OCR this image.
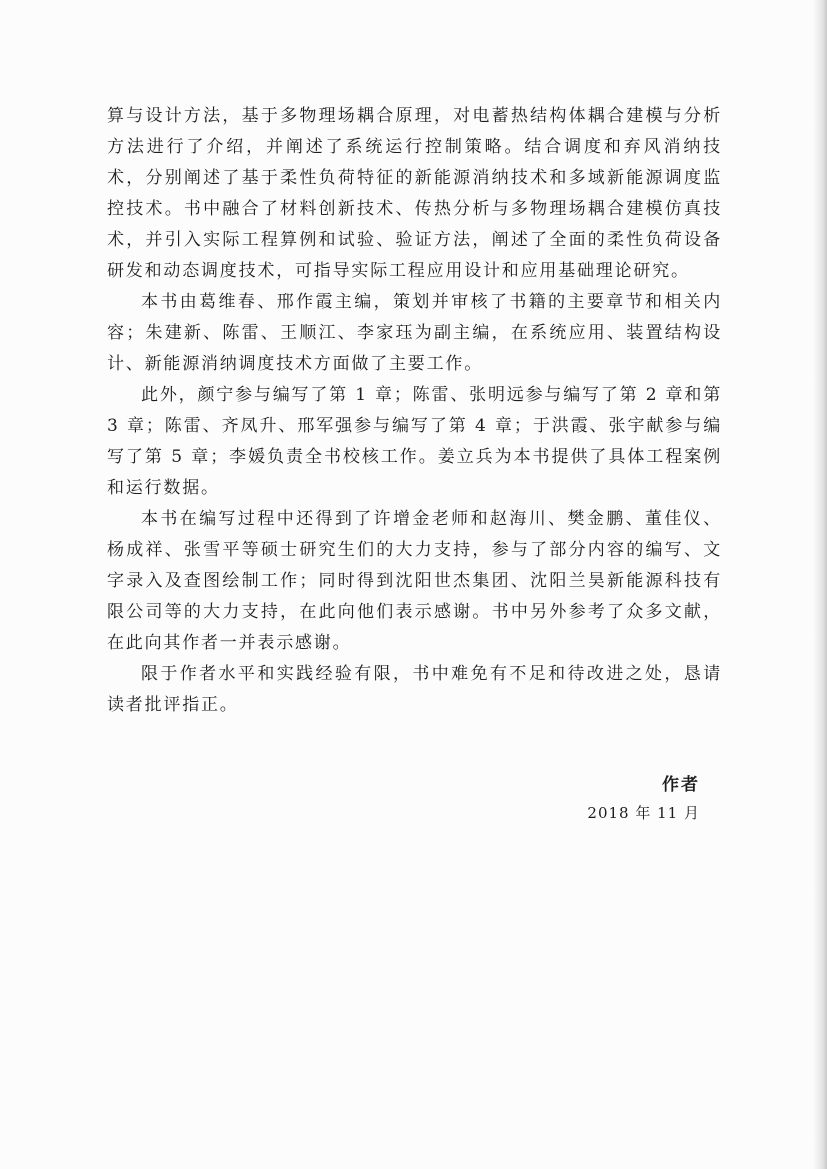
算与设计方法，基于多物理场耦合原理，对电蓄热结构体耦合建模与分析方法进行了介绍，并阐述了系统运行控制策略。结合调度和弃风消纳技术，分别阐述了基于柔性负荷特征的新能源消纳技术和多域新能源调度监控技术。书中融合了材料创新技术、传热分析与多物理场耦合建模仿真技术，并引入实际工程算例和试验、验证方法，阐述了全面的柔性负荷设备研发和动态调度技术，可指导实际工程应用设计和应用基础理论研究。

本书由葛维春、邢作霞主编，策划并审核了书籍的主要章节和相关内容；朱建新、陈雷、王顺江、李家珏为副主编，在系统应用、装置结构设计、新能源消纳调度技术方面做了主要工作。

此外，颜宁参与编写了第 1 章；陈雷、张明远参与编写了第 2 章和第 3 章；陈雷、齐凤升、邢军强参与编写了第 4 章；于洪霞、张宇献参与编写了第 5 章；李媛负责全书校核工作。姜立兵为本书提供了具体工程案例和运行数据。

本书在编写过程中还得到了许增金老师和赵海川、樊金鹏、董佳仪、杨成祥、张雪平等硕士研究生们的大力支持，参与了部分内容的编写、文字录入及查图绘制工作；同时得到沈阳世杰集团、沈阳兰昊新能源科技有限公司等的大力支持，在此向他们表示感谢。书中另外参考了众多文献，在此向其作者一并表示感谢。

限于作者水平和实践经验有限，书中难免有不足和待改进之处，恳请读者批评指正。

作者
2018 年 11 月
